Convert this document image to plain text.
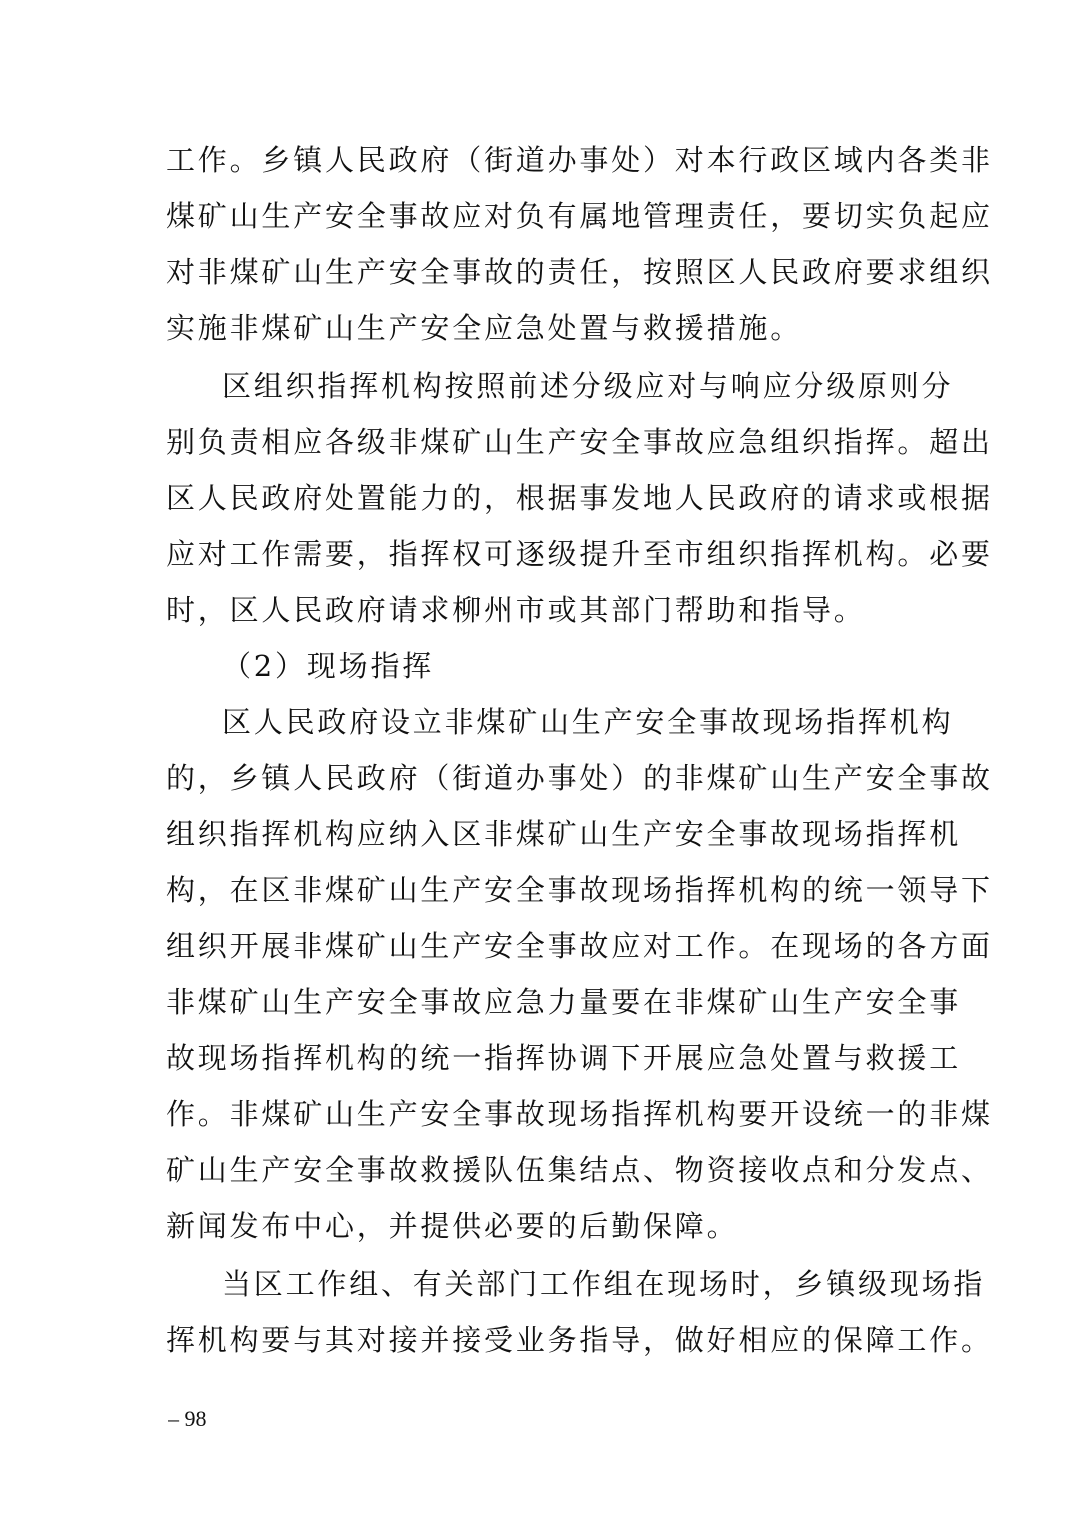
工作。乡镇人民政府（街道办事处）对本行政区域内各类非
煤矿山生产安全事故应对负有属地管理责任，要切实负起应
对非煤矿山生产安全事故的责任，按照区人民政府要求组织
实施非煤矿山生产安全应急处置与救援措施。
区组织指挥机构按照前述分级应对与响应分级原则分
别负责相应各级非煤矿山生产安全事故应急组织指挥。超出
区人民政府处置能力的，根据事发地人民政府的请求或根据
应对工作需要，指挥权可逐级提升至市组织指挥机构。必要
时，区人民政府请求柳州市或其部门帮助和指导。
（2）现场指挥
区人民政府设立非煤矿山生产安全事故现场指挥机构
的，乡镇人民政府（街道办事处）的非煤矿山生产安全事故
组织指挥机构应纳入区非煤矿山生产安全事故现场指挥机
构，在区非煤矿山生产安全事故现场指挥机构的统一领导下
组织开展非煤矿山生产安全事故应对工作。在现场的各方面
非煤矿山生产安全事故应急力量要在非煤矿山生产安全事
故现场指挥机构的统一指挥协调下开展应急处置与救援工
作。非煤矿山生产安全事故现场指挥机构要开设统一的非煤
矿山生产安全事故救援队伍集结点、物资接收点和分发点、
新闻发布中心，并提供必要的后勤保障。
当区工作组、有关部门工作组在现场时，乡镇级现场指
挥机构要与其对接并接受业务指导，做好相应的保障工作。
– 98
